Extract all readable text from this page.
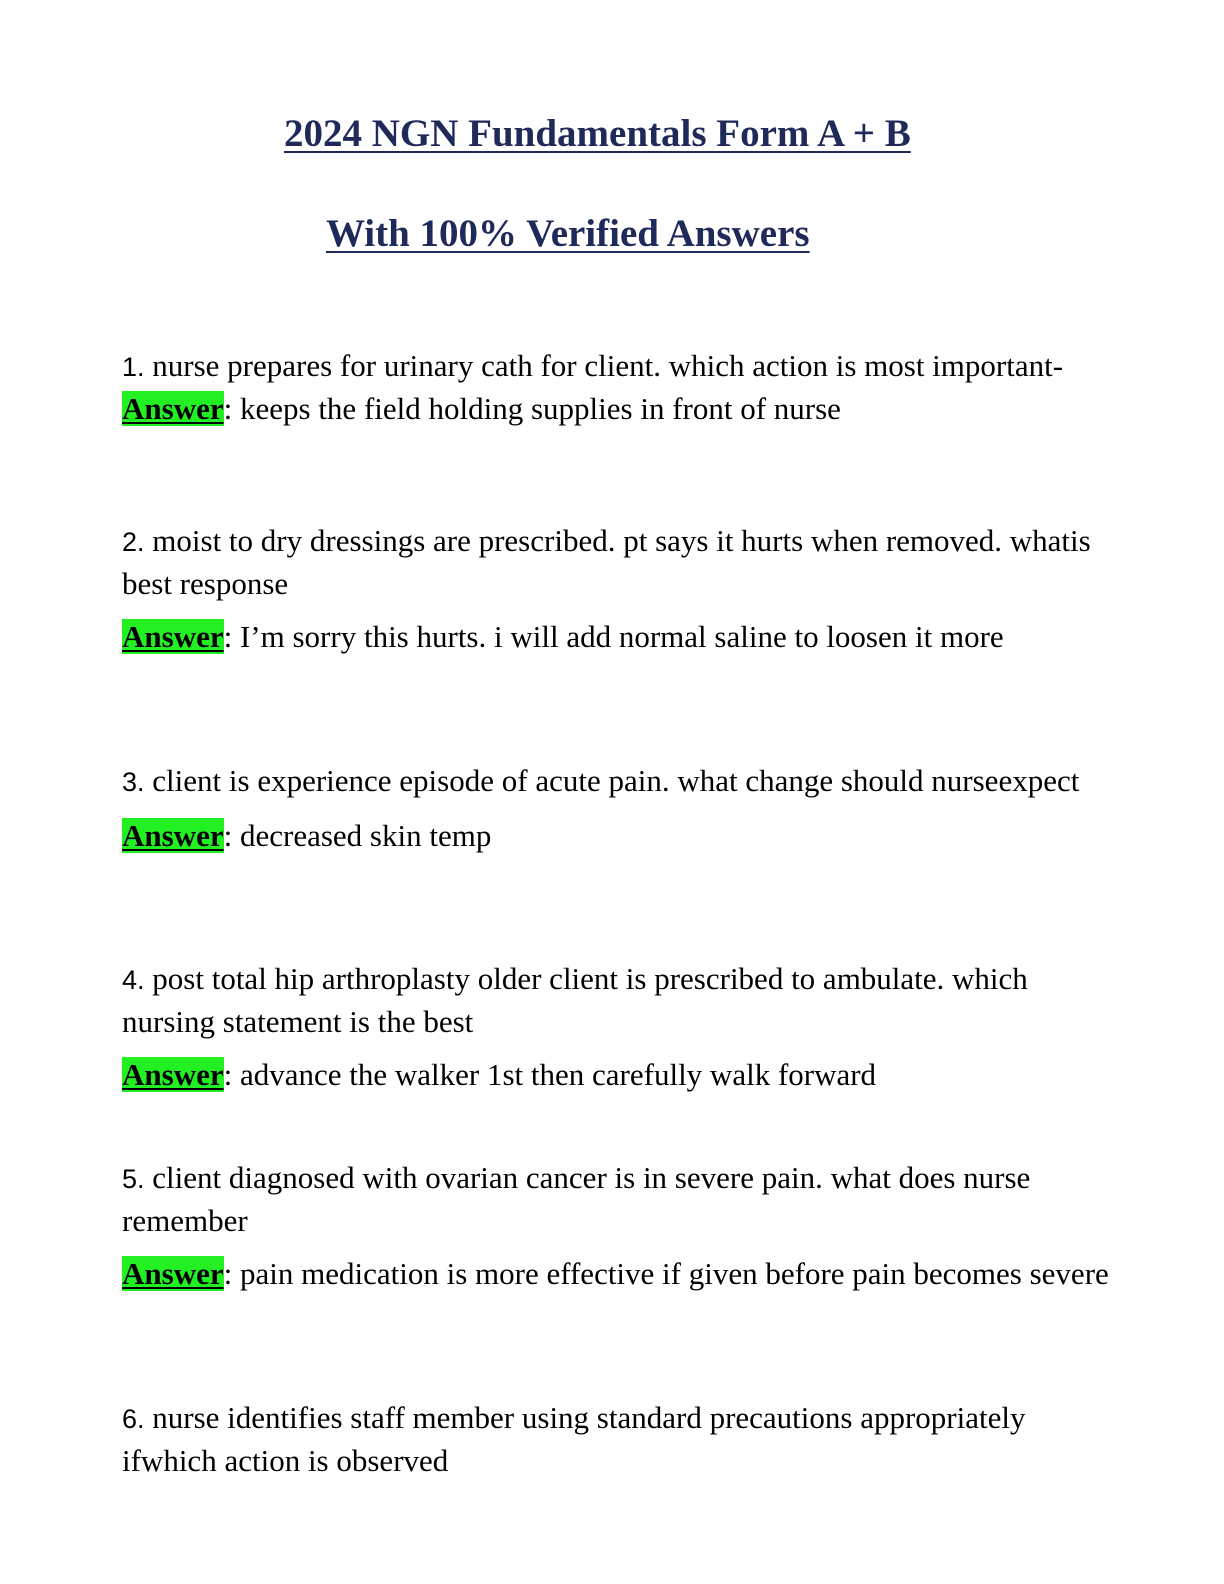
2024 NGN Fundamentals Form A + B
With 100% Verified Answers

1. nurse prepares for urinary cath for client. which action is most important-

Answer: keeps the field holding supplies in front of nurse

2. moist to dry dressings are prescribed. pt says it hurts when removed. whatis best response

Answer: I’m sorry this hurts. i will add normal saline to loosen it more

3. client is experience episode of acute pain. what change should nurseexpect

Answer: decreased skin temp

4. post total hip arthroplasty older client is prescribed to ambulate. which nursing statement is the best

Answer: advance the walker 1st then carefully walk forward

5. client diagnosed with ovarian cancer is in severe pain. what does nurse remember

Answer: pain medication is more effective if given before pain becomes severe

6. nurse identifies staff member using standard precautions appropriately ifwhich action is observed
